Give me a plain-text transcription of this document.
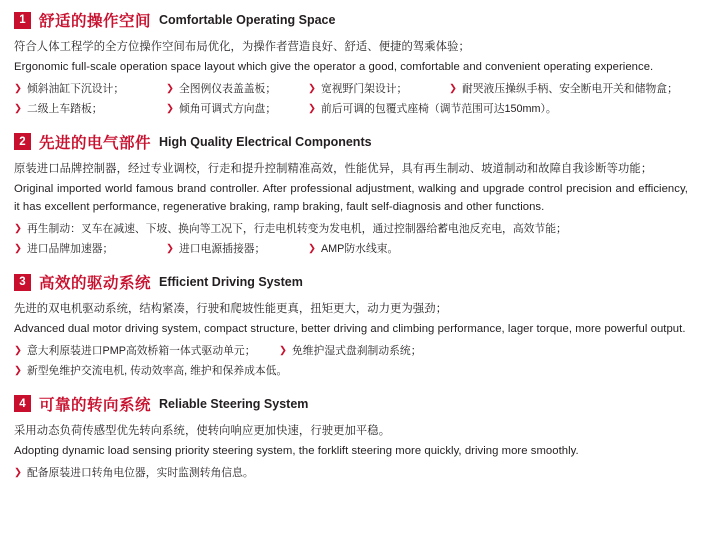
1 舒适的操作空间 Comfortable Operating Space

符合人体工程学的全方位操作空间布局优化，为操作者营造良好、舒适、便捷的驾乘体验；

Ergonomic full-scale operation space layout which give the operator a good, comfortable and convenient operating experience.

❯ 倾斜油缸下沉设计；	❯ 全图例仪表盖盖板；	❯ 宽视野门架设计；	❯ 耐哭液压操纵手柄、安全断电开关和储物盒；
❯ 二级上车踏板；	❯ 倾角可调式方向盘；	❯ 前后可调的包覆式座椅（调节范围可达150mm）。
2 先进的电气部件 High Quality Electrical Components

原装进口品牌控制器，经过专业调校，行走和提升控制精准高效，性能优异，具有再生制动、坡道制动和故障自我诊断等功能；

Original imported world famous brand controller. After professional adjustment, walking and upgrade control precision and efficiency, it has excellent performance, regenerative braking, ramp braking, fault self-diagnosis and other functions.

❯ 再生制动：叉车在减速、下坡、换向等工况下，行走电机转变为发电机，通过控制器给蓄电池反充电，高效节能；
❯ 进口品牌加速器；	❯ 进口电源插接器；	❯ AMP防水线束。
3 高效的驱动系统 Efficient Driving System

先进的双电机驱动系统，结构紧凑，行驶和爬坡性能更真，扭矩更大，动力更为强劲；

Advanced dual motor driving system, compact structure, better driving and climbing performance, lager torque, more powerful output.

❯ 意大利原装进口PMP高效桥箱一体式驱动单元； ❯ 免维护湿式盘刹制动系统；
❯ 新型免维护交流电机, 传动效率高, 维护和保养成本低。
4 可靠的转向系统 Reliable Steering System

采用动态负荷传感型优先转向系统，使转向响应更加快速，行驶更加平稳。

Adopting dynamic load sensing priority steering system, the forklift steering more quickly, driving more smoothly.

❯ 配备原装进口转角电位器，实时监测转角信息。
